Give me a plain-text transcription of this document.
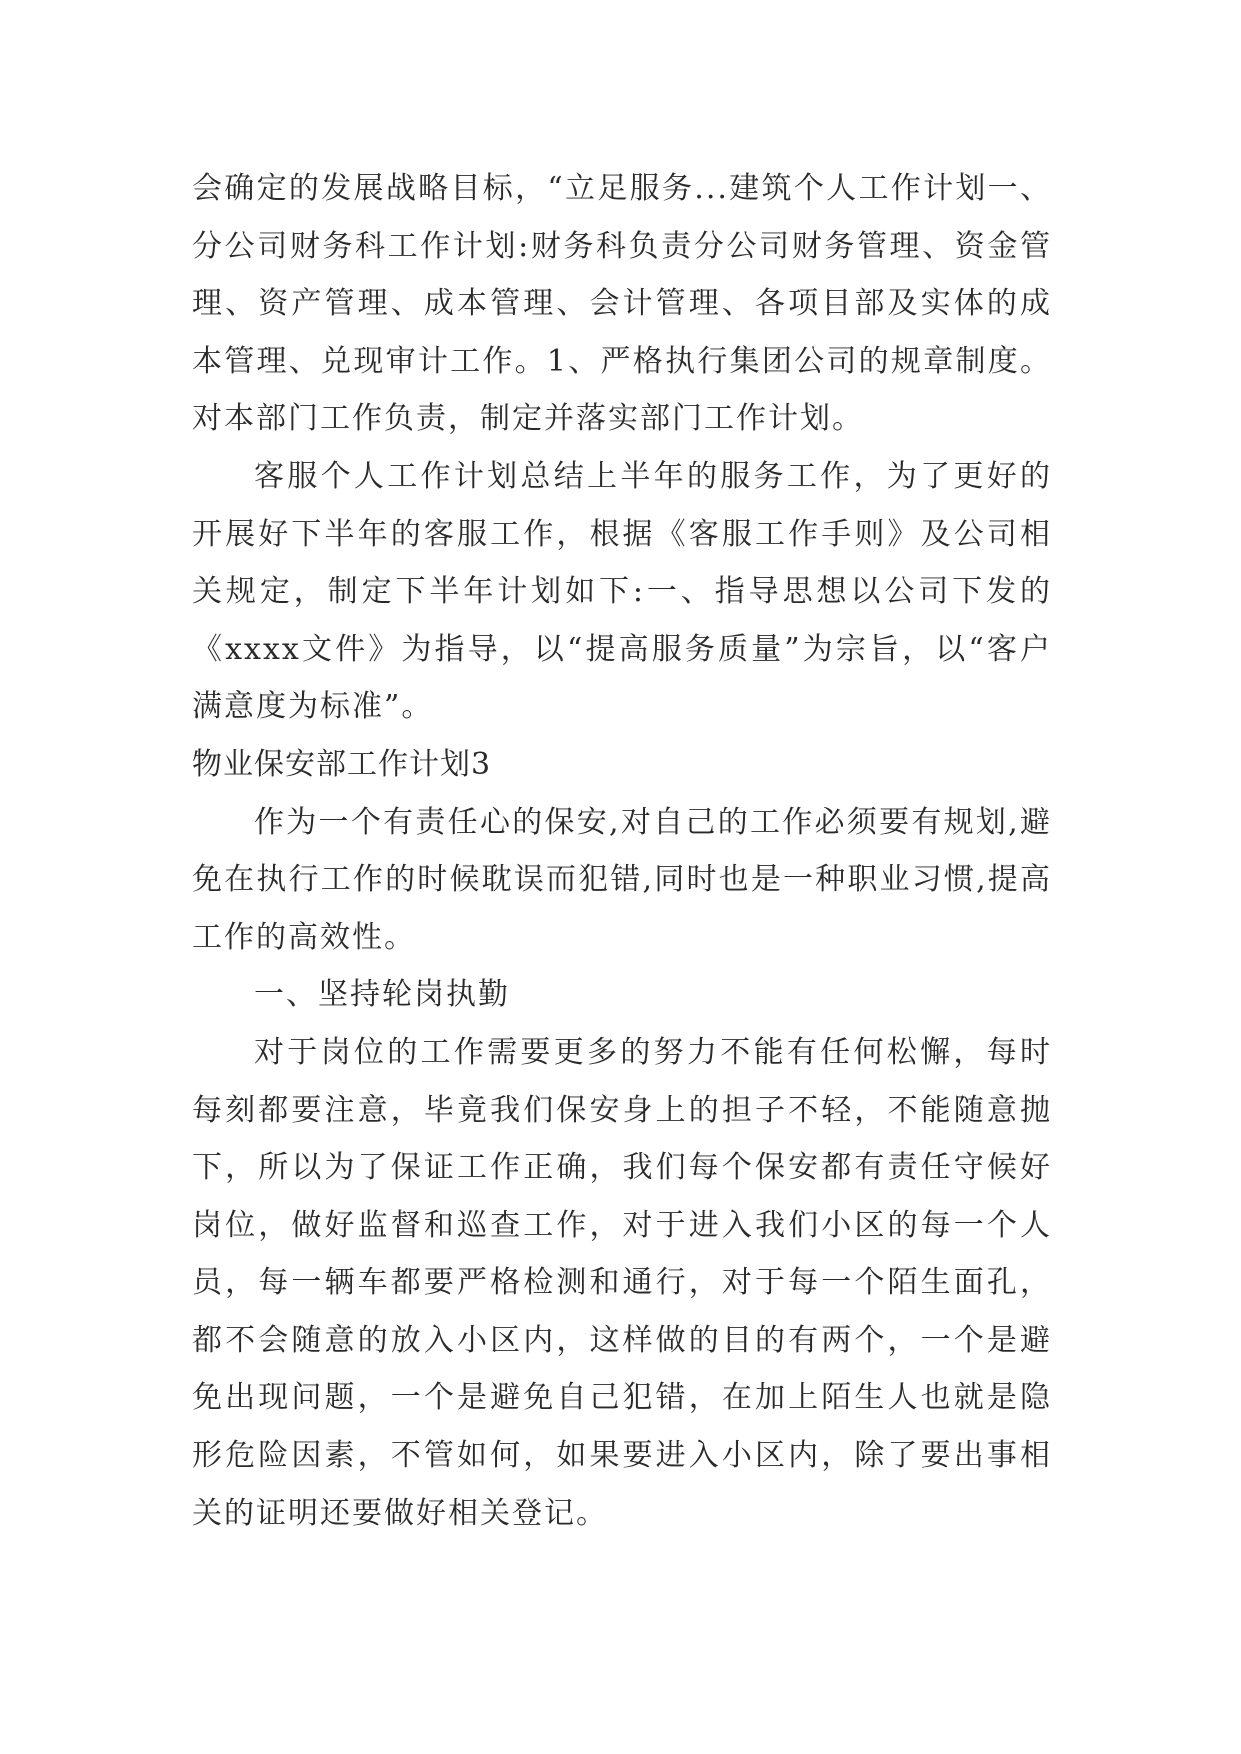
会确定的发展战略目标，“立足服务...建筑个人工作计划一、分公司财务科工作计划:财务科负责分公司财务管理、资金管理、资产管理、成本管理、会计管理、各项目部及实体的成本管理、兑现审计工作。1、严格执行集团公司的规章制度。对本部门工作负责，制定并落实部门工作计划。

客服个人工作计划总结上半年的服务工作，为了更好的开展好下半年的客服工作，根据《客服工作手则》及公司相关规定，制定下半年计划如下:一、指导思想以公司下发的《xxxx文件》为指导，以“提高服务质量”为宗旨，以“客户满意度为标准”。

物业保安部工作计划3

作为一个有责任心的保安,对自己的工作必须要有规划,避免在执行工作的时候耽误而犯错,同时也是一种职业习惯,提高工作的高效性。

一、坚持轮岗执勤

对于岗位的工作需要更多的努力不能有任何松懈，每时每刻都要注意，毕竟我们保安身上的担子不轻，不能随意抛下，所以为了保证工作正确，我们每个保安都有责任守候好岗位，做好监督和巡查工作，对于进入我们小区的每一个人员，每一辆车都要严格检测和通行，对于每一个陌生面孔，都不会随意的放入小区内，这样做的目的有两个，一个是避免出现问题，一个是避免自己犯错，在加上陌生人也就是隐形危险因素，不管如何，如果要进入小区内，除了要出事相关的证明还要做好相关登记。
